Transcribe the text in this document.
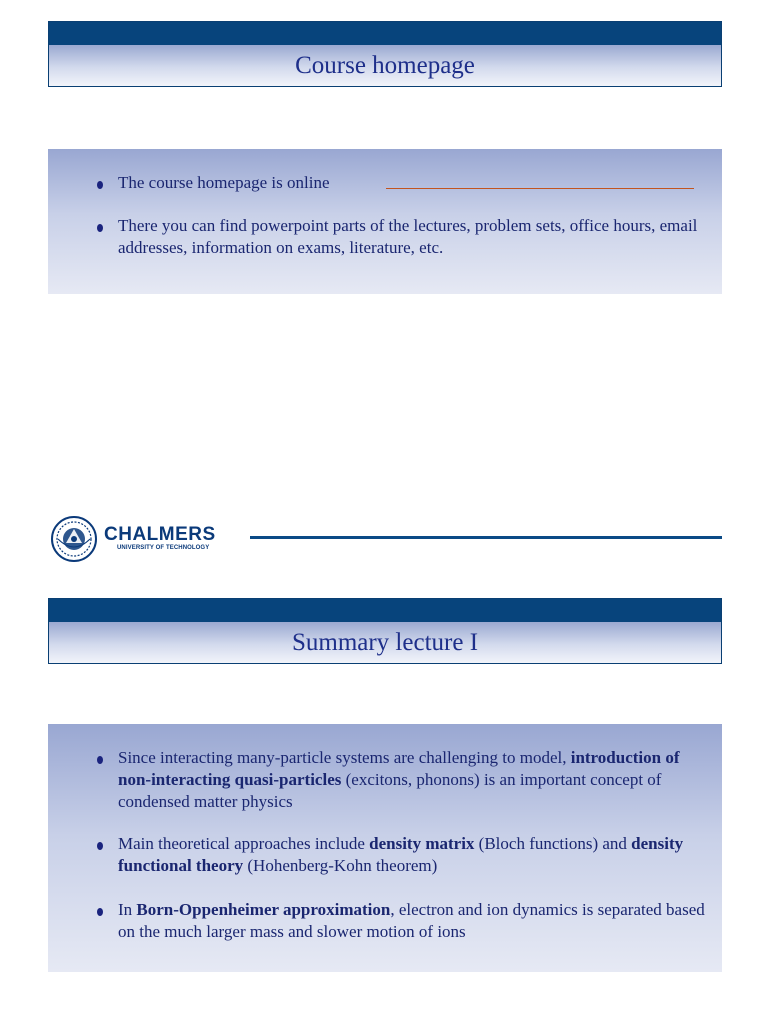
Course homepage
The course homepage is online
There you can find powerpoint parts of the lectures, problem sets, office hours, email addresses, information on exams, literature, etc.
CHALMERS
UNIVERSITY OF TECHNOLOGY
Summary lecture I
Since interacting many-particle systems are challenging to model, introduction of non-interacting quasi-particles (excitons, phonons) is an important concept of condensed matter physics
Main theoretical approaches include density matrix (Bloch functions) and density functional theory (Hohenberg-Kohn theorem)
In Born-Oppenheimer approximation, electron and ion dynamics is separated based on the much larger mass and slower motion of ions
